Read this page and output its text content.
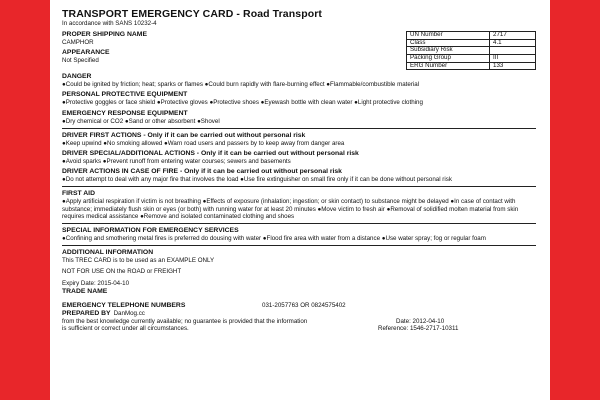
TRANSPORT EMERGENCY CARD - Road Transport
In accordance with SANS 10232-4
PROPER SHIPPING NAME
CAMPHOR
APPEARANCE
Not Specified
UN Number	2717
Class	4.1
Subsidiary Risk	
Packing Group	III
ERG Number	133
DANGER
●Could be ignited by friction; heat; sparks or flames ●Could burn rapidly with flare-burning effect ●Flammable/combustible material
PERSONAL PROTECTIVE EQUIPMENT
●Protective goggles or face shield ●Protective gloves ●Protective shoes ●Eyewash bottle with clean water ●Light protective clothing
EMERGENCY RESPONSE EQUIPMENT
●Dry chemical or CO2 ●Sand or other absorbent ●Shovel
DRIVER FIRST ACTIONS - Only if it can be carried out without personal risk
●Keep upwind ●No smoking allowed ●Warn road users and passers by to keep away from danger area
DRIVER SPECIAL/ADDITIONAL ACTIONS - Only if it can be carried out without personal risk
●Avoid sparks ●Prevent runoff from entering water courses; sewers and basements
DRIVER ACTIONS IN CASE OF FIRE - Only if it can be carried out without personal risk
●Do not attempt to deal with any major fire that involves the load ●Use fire extinguisher on small fire only if it can be done without personal risk
FIRST AID
●Apply artificial respiration if victim is not breathing ●Effects of exposure (inhalation; ingestion; or skin contact) to substance might be delayed ●In case of contact with substance; immediately flush skin or eyes (or both) with running water for at least 20 minutes ●Move victim to fresh air ●Removal of solidified molten material from skin requires medical assistance ●Remove and isolated contaminated clothing and shoes
SPECIAL INFORMATION FOR EMERGENCY SERVICES
●Confining and smothering metal fires is preferred do dousing with water ●Flood fire area with water from a distance ●Use water spray; fog or regular foam
ADDITIONAL INFORMATION
This TREC CARD is to be used as an EXAMPLE ONLY
NOT FOR USE ON the ROAD or FREIGHT
Expiry Date: 2015-04-10
TRADE NAME
EMERGENCY TELEPHONE NUMBERS	031-2057763 OR 0824575402
PREPARED BY DanMog.cc
from the best knowledge currently available; no guarantee is provided that the information is sufficient or correct under all circumstances.
Date: 2012-04-10
Reference: 1546-2717-10311
